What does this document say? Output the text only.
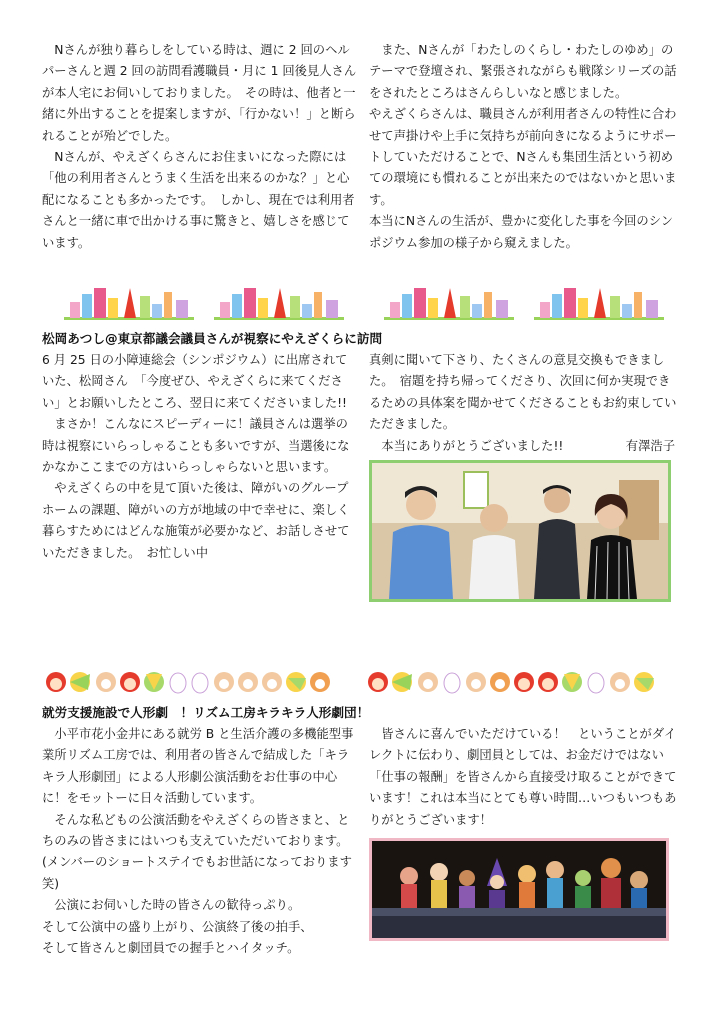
　Nさんが独り暮らしをしている時は、週に 2 回のヘルパーさんと週 2 回の訪問看護職員・月に 1 回後見人さんが本人宅にお伺いしておりました。　その時は、他者と一緒に外出することを提案しますが、「行かない！」と断られることが殆どでした。

　Nさんが、やえざくらさんにお住まいになった際には「他の利用者さんとうまく生活を出来るのかな？」と心配になることも多かったです。　しかし、現在では利用者さんと一緒に車で出かける事に驚きと、嬉しさを感じています。

　また、Nさんが「わたしのくらし・わたしのゆめ」のテーマで登壇され、緊張されながらも戦隊シリーズの話をされたところはさんらしいなと感じました。

やえざくらさんは、職員さんが利用者さんの特性に合わせて声掛けや上手に気持ちが前向きになるようにサポートしていただけることで、Nさんも集団生活という初めての環境にも慣れることが出来たのではないかと思います。

本当にNさんの生活が、豊かに変化した事を今回のシンポジウム参加の様子から窺えました。

松岡あつし@東京都議会議員さんが視察にやえざくらに訪問

6 月 25 日の小障連総会（シンポジウム）に出席されていた、松岡さん　「今度ぜひ、やえざくらに来てください」とお願いしたところ、翌日に来てくださいました!!

　まさか！こんなにスピーディーに！議員さんは選挙の時は視察にいらっしゃることも多いですが、当選後になかなかここまでの方はいらっしゃらないと思います。

　やえざくらの中を見て頂いた後は、障がいのグループホームの課題、障がいの方が地域の中で幸せに、楽しく暮らすためにはどんな施策が必要かなど、お話しさせていただきました。　お忙しい中

真剣に聞いて下さり、たくさんの意見交換もできました。　宿題を持ち帰ってくださり、次回に何か実現できるための具体案を聞かせてくださることもお約束していただきました。

　本当にありがとうございました!!	有澤浩子
就労支援施設で人形劇　！リズム工房キラキラ人形劇団！

　小平市花小金井にある就労 B と生活介護の多機能型事業所リズム工房では、利用者の皆さんで結成した「キラキラ人形劇団」による人形劇公演活動をお仕事の中心に！をモットーに日々活動しています。

　そんな私どもの公演活動をやえざくらの皆さまと、とちのみの皆さまにはいつも支えていただいております。(メンバーのショートステイでもお世話になっております笑)

　公演にお伺いした時の皆さんの歓待っぷり。

そして公演中の盛り上がり、公演終了後の拍手、

そして皆さんと劇団員での握手とハイタッチ。

　皆さんに喜んでいただけている！　ということがダイレクトに伝わり、劇団員としては、お金だけではない「仕事の報酬」を皆さんから直接受け取ることができています！これは本当にとても尊い時間…いつもいつもありがとうございます！
